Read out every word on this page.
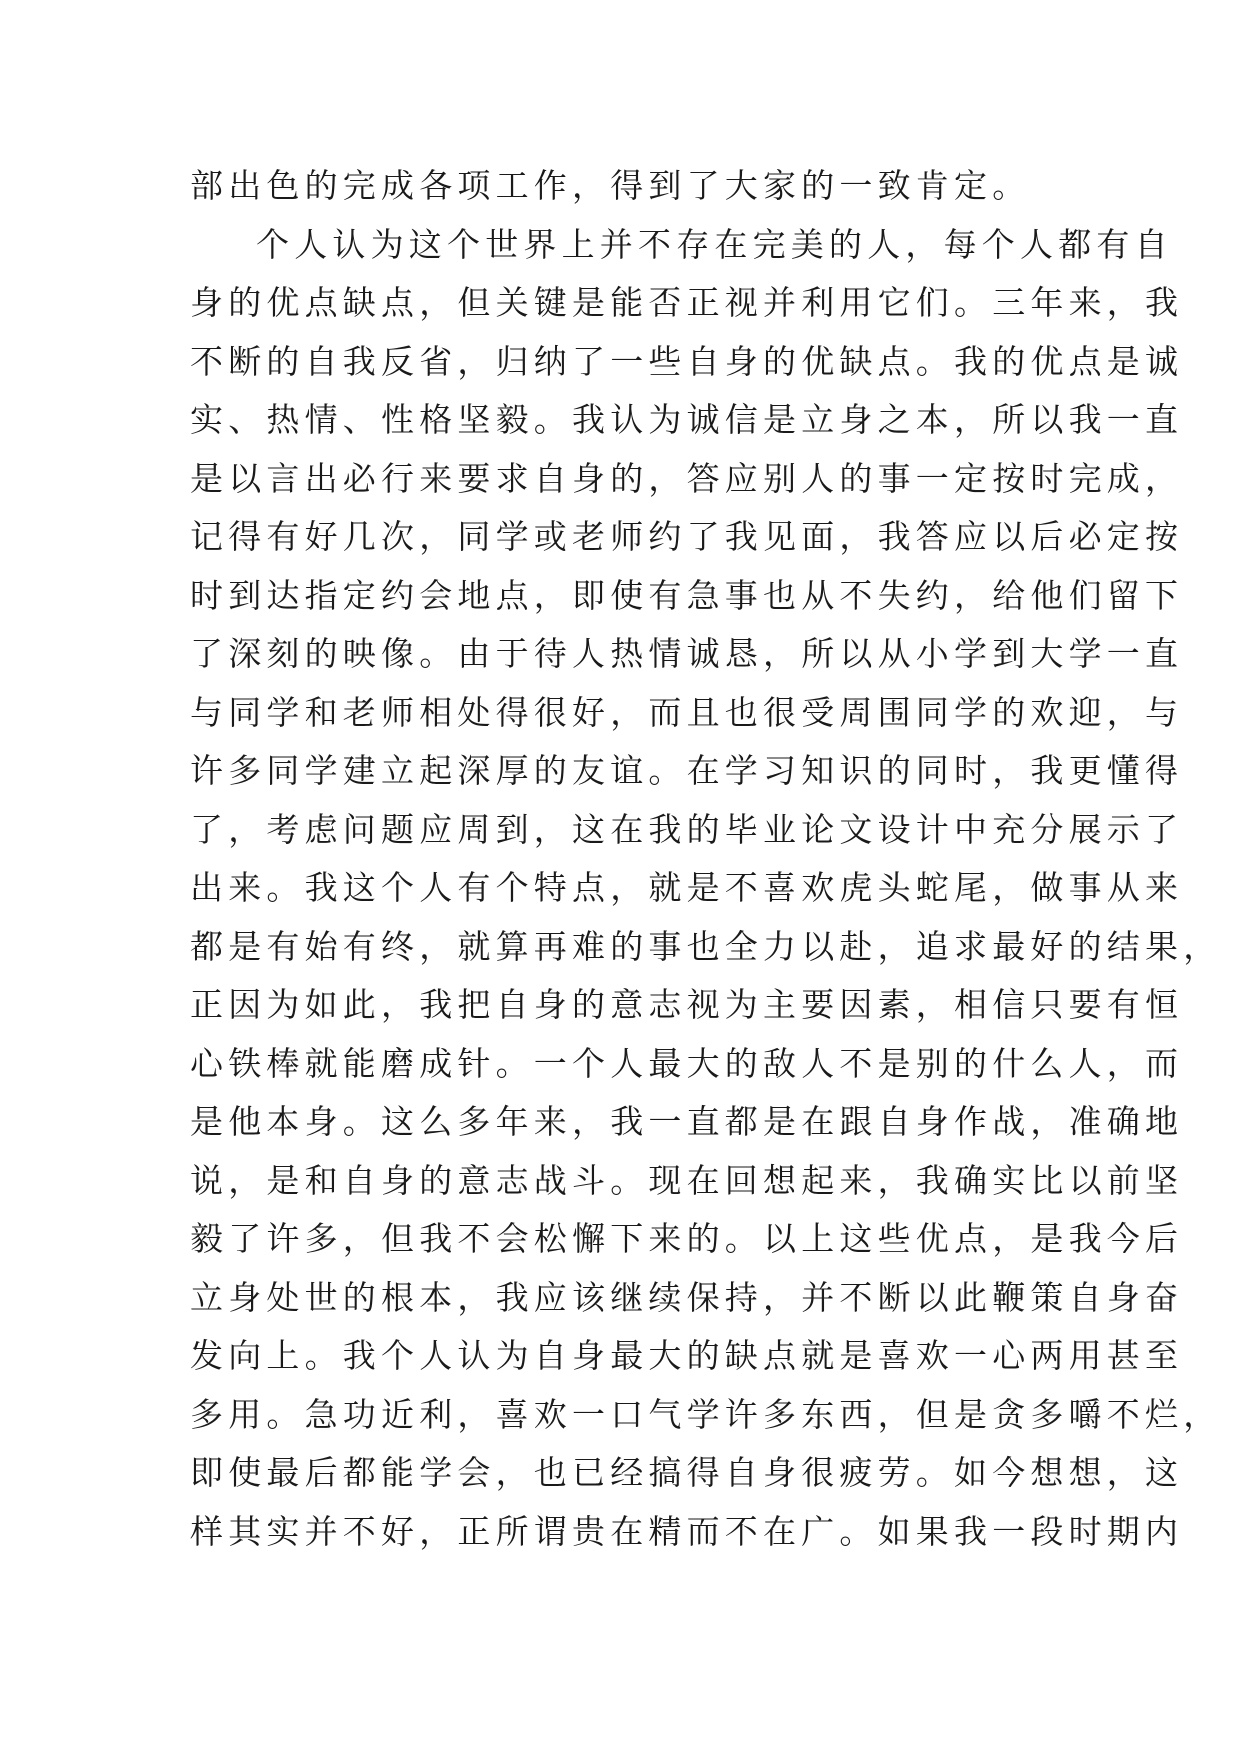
部出色的完成各项工作，得到了大家的一致肯定。
个人认为这个世界上并不存在完美的人，每个人都有自
身的优点缺点，但关键是能否正视并利用它们。三年来，我
不断的自我反省，归纳了一些自身的优缺点。我的优点是诚
实、热情、性格坚毅。我认为诚信是立身之本，所以我一直
是以言出必行来要求自身的，答应别人的事一定按时完成，
记得有好几次，同学或老师约了我见面，我答应以后必定按
时到达指定约会地点，即使有急事也从不失约，给他们留下
了深刻的映像。由于待人热情诚恳，所以从小学到大学一直
与同学和老师相处得很好，而且也很受周围同学的欢迎，与
许多同学建立起深厚的友谊。在学习知识的同时，我更懂得
了，考虑问题应周到，这在我的毕业论文设计中充分展示了
出来。我这个人有个特点，就是不喜欢虎头蛇尾，做事从来
都是有始有终，就算再难的事也全力以赴，追求最好的结果，
正因为如此，我把自身的意志视为主要因素，相信只要有恒
心铁棒就能磨成针。一个人最大的敌人不是别的什么人，而
是他本身。这么多年来，我一直都是在跟自身作战，准确地
说，是和自身的意志战斗。现在回想起来，我确实比以前坚
毅了许多，但我不会松懈下来的。以上这些优点，是我今后
立身处世的根本，我应该继续保持，并不断以此鞭策自身奋
发向上。我个人认为自身最大的缺点就是喜欢一心两用甚至
多用。急功近利，喜欢一口气学许多东西，但是贪多嚼不烂，
即使最后都能学会，也已经搞得自身很疲劳。如今想想，这
样其实并不好，正所谓贵在精而不在广。如果我一段时期内
